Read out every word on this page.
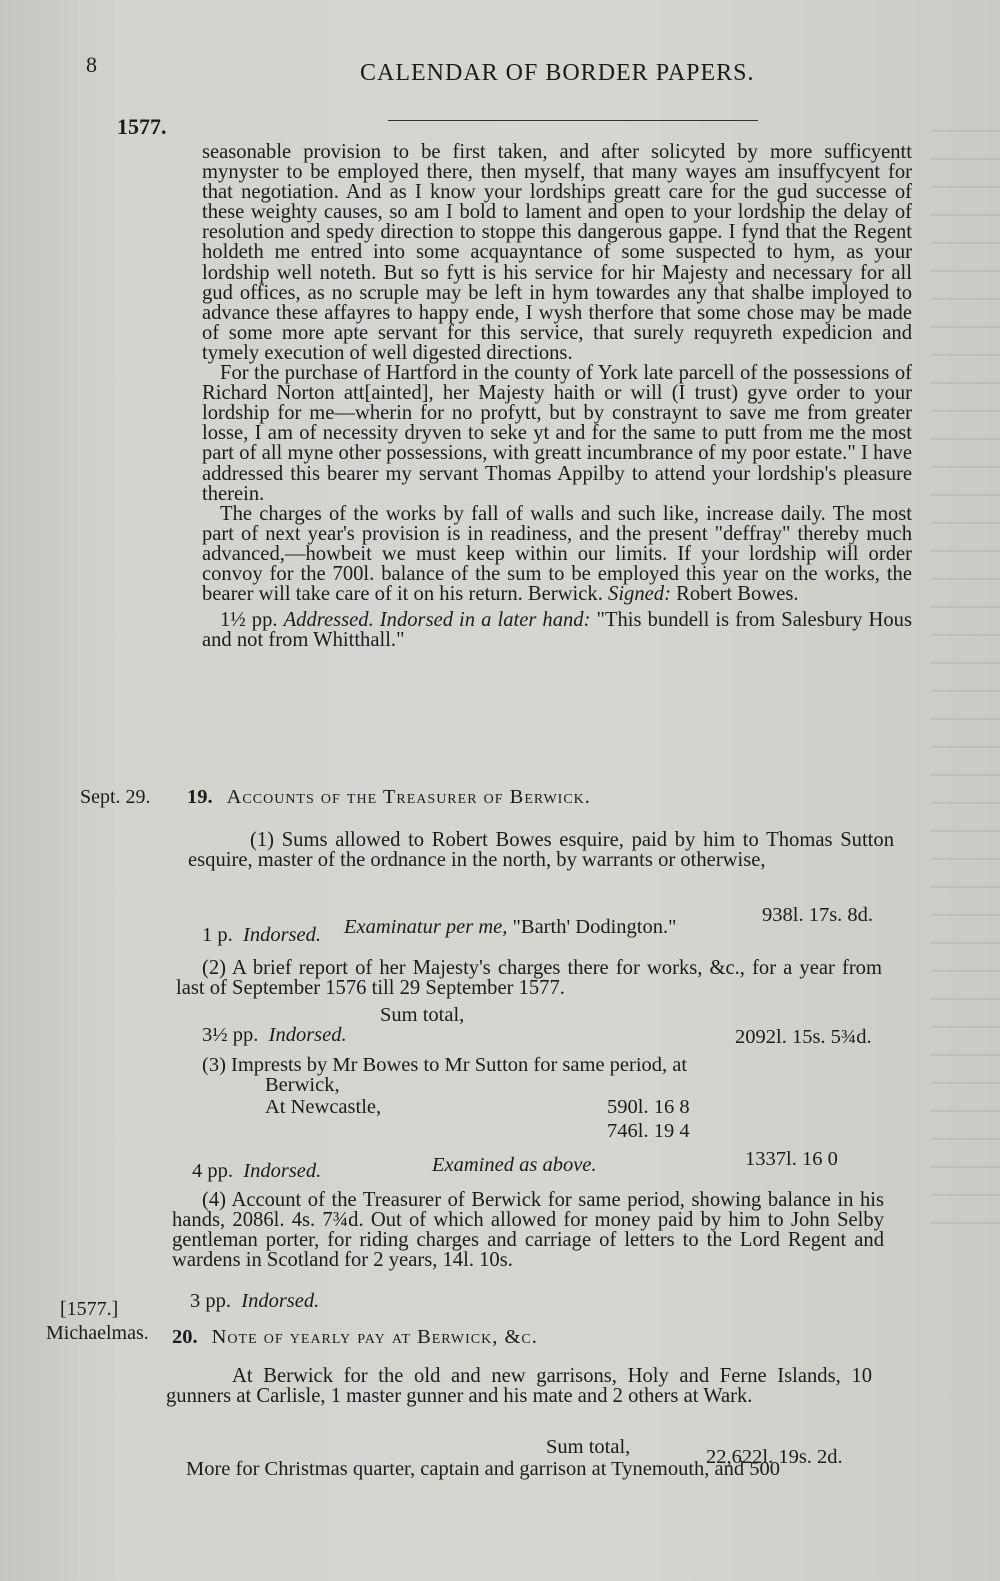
8	CALENDAR OF BORDER PAPERS.
1577.

seasonable provision to be first taken, and after solicyted by more sufficyentt mynyster to be employed there, then myself, that many wayes am insuffycyent for that negotiation. And as I know your lordships greatt care for the gud successe of these weighty causes, so am I bold to lament and open to your lordship the delay of resolution and spedy direction to stoppe this dangerous gappe. I fynd that the Regent holdeth me entred into some acquayntance of some suspected to hym, as your lordship well noteth. But so fytt is his service for hir Majesty and necessary for all gud offices, as no scruple may be left in hym towardes any that shalbe imployed to advance these affayres to happy ende, I wysh therfore that some chose may be made of some more apte servant for this service, that surely requyreth expedicion and tymely execution of well digested directions.

For the purchase of Hartford in the county of York late parcell of the possessions of Richard Norton att[ainted], her Majesty haith or will (I trust) gyve order to your lordship for me—wherin for no profytt, but by constraynt to save me from greater losse, I am of necessity dryven to seke yt and for the same to putt from me the most part of all myne other possessions, with greatt incumbrance of my poor estate." I have addressed this bearer my servant Thomas Appilby to attend your lordship's pleasure therein.

The charges of the works by fall of walls and such like, increase daily. The most part of next year's provision is in readiness, and the present "deffray" thereby much advanced,—howbeit we must keep within our limits. If your lordship will order convoy for the 700l. balance of the sum to be employed this year on the works, the bearer will take care of it on his return. Berwick. Signed: Robert Bowes.

1½ pp. Addressed. Indorsed in a later hand: "This bundell is from Salesbury Hous and not from Whitthall."

Sept. 29. 19. Accounts of the Treasurer of Berwick.

(1) Sums allowed to Robert Bowes esquire, paid by him to Thomas Sutton esquire, master of the ordnance in the north, by warrants or otherwise,

938l. 17s. 8d.
Examinatur per me, "Barth' Dodington."
1 p. Indorsed.

(2) A brief report of her Majesty's charges there for works, &c., for a year from last of September 1576 till 29 September 1577.

Sum total,
3½ pp. Indorsed.	2092l. 15s. 5¾d.
(3) Imprests by Mr Bowes to Mr Sutton for same period, at
Berwick,
590l. 16 8
At Newcastle,
746l. 19 4
1337l. 16 0
Examined as above.
4 pp. Indorsed.

(4) Account of the Treasurer of Berwick for same period, showing balance in his hands, 2086l. 4s. 7¾d. Out of which allowed for money paid by him to John Selby gentleman porter, for riding charges and carriage of letters to the Lord Regent and wardens in Scotland for 2 years, 14l. 10s.

3 pp. Indorsed.
[1577.]
Michaelmas. 20. Note of yearly pay at Berwick, &c.

At Berwick for the old and new garrisons, Holy and Ferne Islands, 10 gunners at Carlisle, 1 master gunner and his mate and 2 others at Wark.

Sum total,	22,622l. 19s. 2d.
More for Christmas quarter, captain and garrison at Tynemouth, and 500
